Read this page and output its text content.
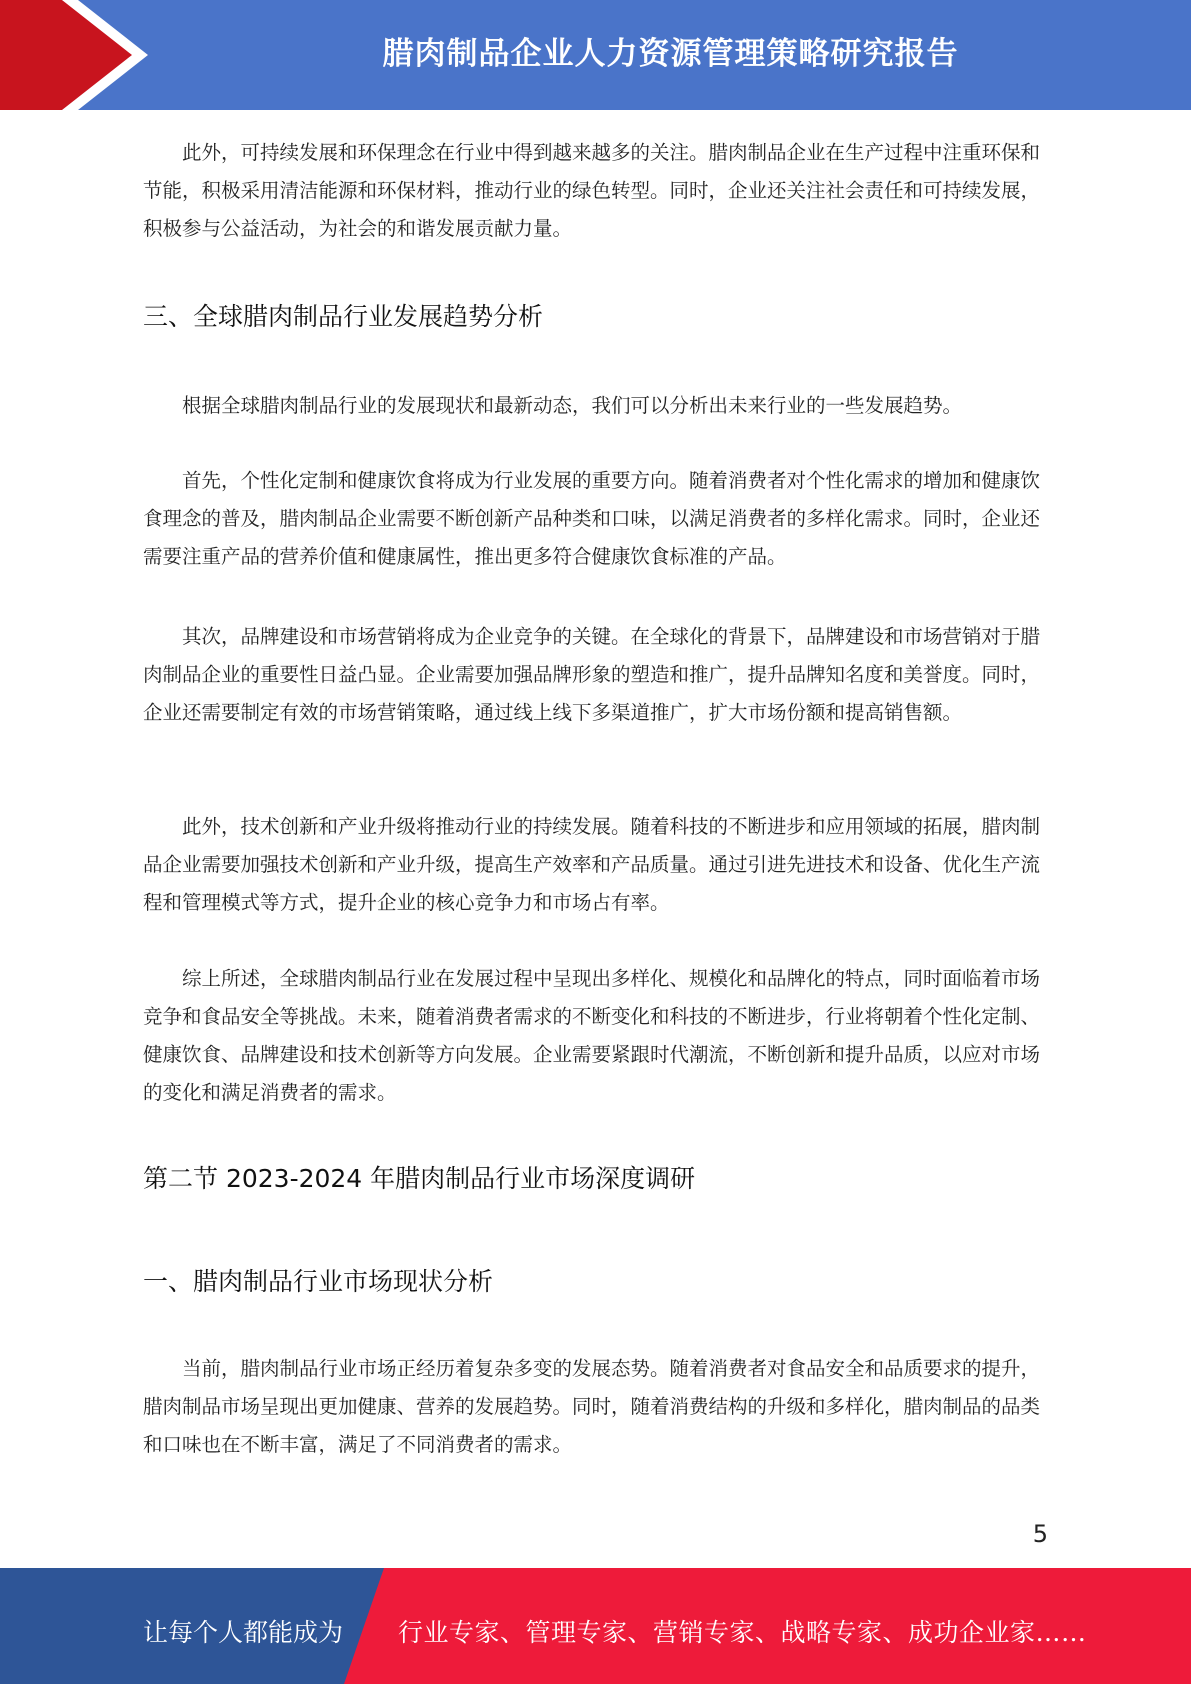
腊肉制品企业人力资源管理策略研究报告

此外，可持续发展和环保理念在行业中得到越来越多的关注。腊肉制品企业在生产过程中注重环保和节能，积极采用清洁能源和环保材料，推动行业的绿色转型。同时，企业还关注社会责任和可持续发展，积极参与公益活动，为社会的和谐发展贡献力量。

三、全球腊肉制品行业发展趋势分析

根据全球腊肉制品行业的发展现状和最新动态，我们可以分析出未来行业的一些发展趋势。

首先，个性化定制和健康饮食将成为行业发展的重要方向。随着消费者对个性化需求的增加和健康饮食理念的普及，腊肉制品企业需要不断创新产品种类和口味，以满足消费者的多样化需求。同时，企业还需要注重产品的营养价值和健康属性，推出更多符合健康饮食标准的产品。

其次，品牌建设和市场营销将成为企业竞争的关键。在全球化的背景下，品牌建设和市场营销对于腊肉制品企业的重要性日益凸显。企业需要加强品牌形象的塑造和推广，提升品牌知名度和美誉度。同时，企业还需要制定有效的市场营销策略，通过线上线下多渠道推广，扩大市场份额和提高销售额。

此外，技术创新和产业升级将推动行业的持续发展。随着科技的不断进步和应用领域的拓展，腊肉制品企业需要加强技术创新和产业升级，提高生产效率和产品质量。通过引进先进技术和设备、优化生产流程和管理模式等方式，提升企业的核心竞争力和市场占有率。

综上所述，全球腊肉制品行业在发展过程中呈现出多样化、规模化和品牌化的特点，同时面临着市场竞争和食品安全等挑战。未来，随着消费者需求的不断变化和科技的不断进步，行业将朝着个性化定制、健康饮食、品牌建设和技术创新等方向发展。企业需要紧跟时代潮流，不断创新和提升品质，以应对市场的变化和满足消费者的需求。

第二节 2023-2024 年腊肉制品行业市场深度调研
一、腊肉制品行业市场现状分析

当前，腊肉制品行业市场正经历着复杂多变的发展态势。随着消费者对食品安全和品质要求的提升，腊肉制品市场呈现出更加健康、营养的发展趋势。同时，随着消费结构的升级和多样化，腊肉制品的品类和口味也在不断丰富，满足了不同消费者的需求。

5
让每个人都能成为 行业专家、管理专家、营销专家、战略专家、成功企业家……
